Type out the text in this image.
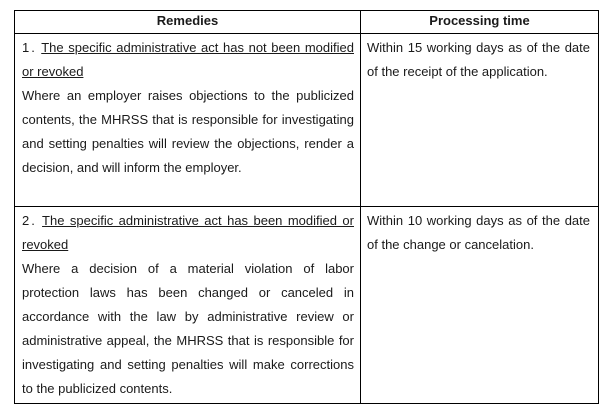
Remedies	Processing time

1. The specific administrative act has not been modified or revoked
Where an employer raises objections to the publicized contents, the MHRSS that is responsible for investigating and setting penalties will review the objections, render a decision, and will inform the employer.	Within 15 working days as of the date of the receipt of the application.

2. The specific administrative act has been modified or revoked
Where a decision of a material violation of labor protection laws has been changed or canceled in accordance with the law by administrative review or administrative appeal, the MHRSS that is responsible for investigating and setting penalties will make corrections to the publicized contents.	Within 10 working days as of the date of the change or cancelation.
